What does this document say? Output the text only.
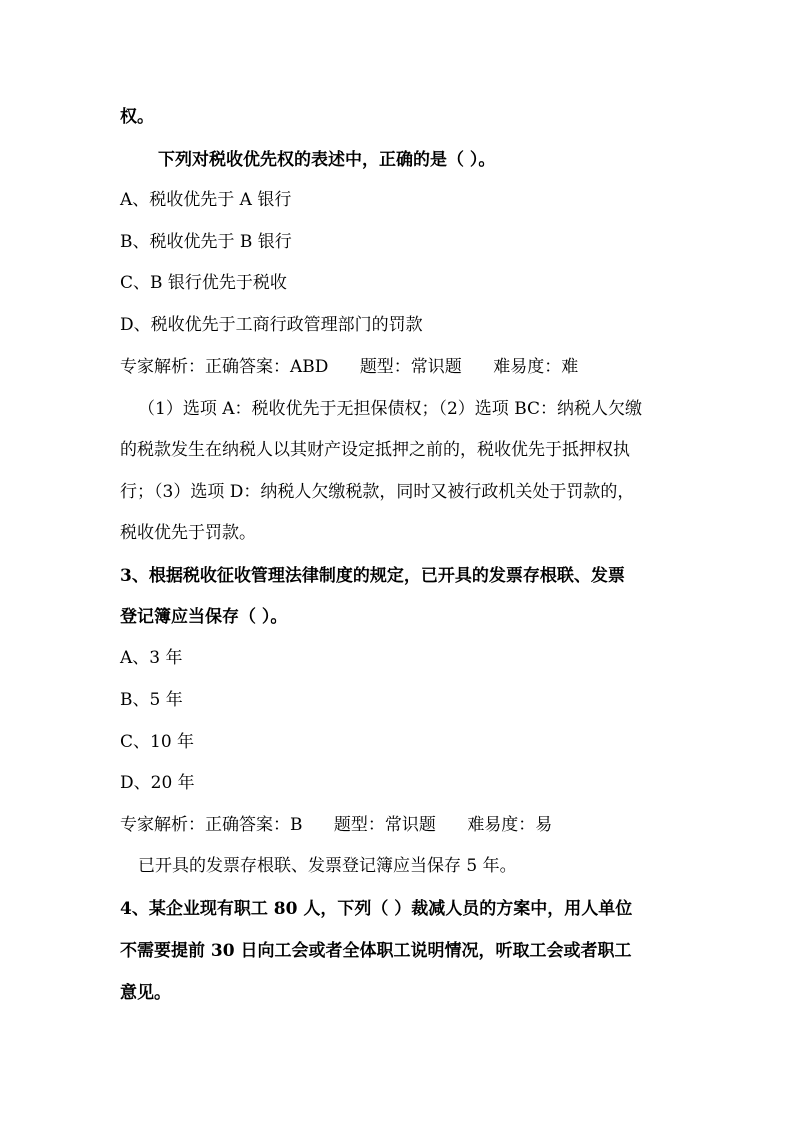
权。
下列对税收优先权的表述中，正确的是（ ）。
A、税收优先于 A 银行
B、税收优先于 B 银行
C、B 银行优先于税收
D、税收优先于工商行政管理部门的罚款
专家解析：正确答案：ABD 题型：常识题 难易度：难
（1）选项 A：税收优先于无担保债权；（2）选项 BC：纳税人欠缴
的税款发生在纳税人以其财产设定抵押之前的，税收优先于抵押权执
行；（3）选项 D：纳税人欠缴税款，同时又被行政机关处于罚款的，
税收优先于罚款。
3、根据税收征收管理法律制度的规定，已开具的发票存根联、发票
登记簿应当保存（ ）。
A、3 年
B、5 年
C、10 年
D、20 年
专家解析：正确答案：B 题型：常识题 难易度：易
已开具的发票存根联、发票登记簿应当保存 5 年。
4、某企业现有职工 80 人，下列（ ）裁减人员的方案中，用人单位
不需要提前 30 日向工会或者全体职工说明情况，听取工会或者职工
意见。
